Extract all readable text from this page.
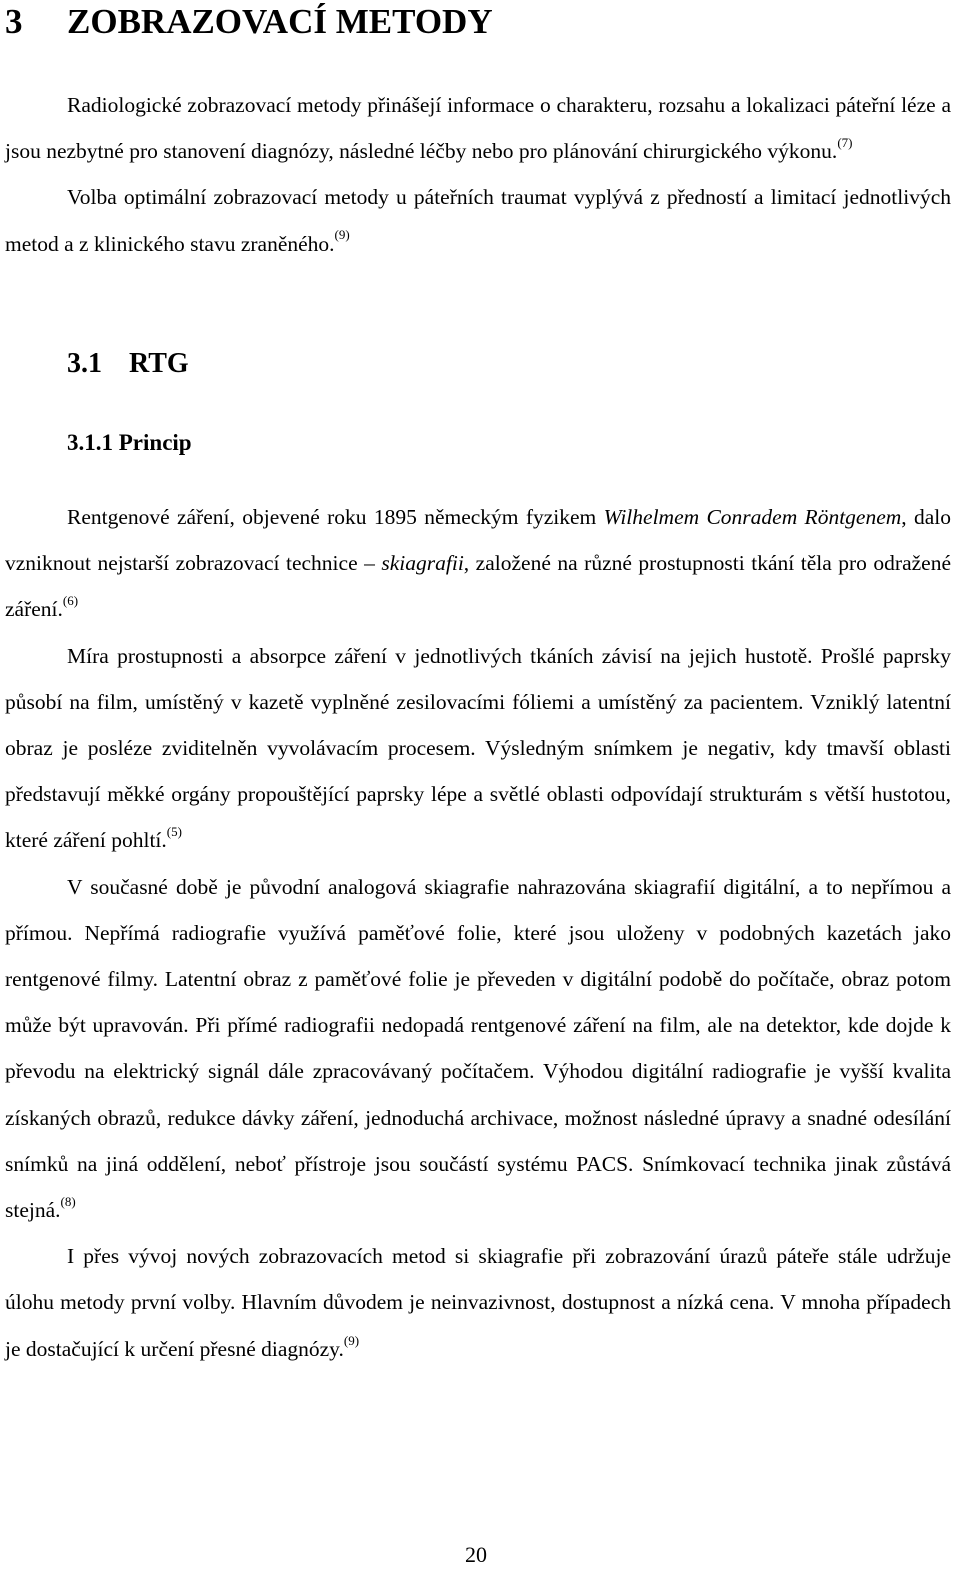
3 ZOBRAZOVACÍ METODY

Radiologické zobrazovací metody přinášejí informace o charakteru, rozsahu a lokalizaci páteřní léze a jsou nezbytné pro stanovení diagnózy, následné léčby nebo pro plánování chirurgického výkonu.$^{(7)}$

Volba optimální zobrazovací metody u páteřních traumat vyplývá z předností a limitací jednotlivých metod a z klinického stavu zraněného.$^{(9)}$

3.1 RTG
3.1.1 Princip

Rentgenové záření, objevené roku 1895 německým fyzikem Wilhelmem Conradem Röntgenem, dalo vzniknout nejstarší zobrazovací technice – skiagrafii, založené na různé prostupnosti tkání těla pro odražené záření.$^{(6)}$

Míra prostupnosti a absorpce záření v jednotlivých tkáních závisí na jejich hustotě. Prošlé paprsky působí na film, umístěný v kazetě vyplněné zesilovacími fóliemi a umístěný za pacientem. Vzniklý latentní obraz je posléze zviditelněn vyvolávacím procesem. Výsledným snímkem je negativ, kdy tmavší oblasti představují měkké orgány propouštějící paprsky lépe a světlé oblasti odpovídají strukturám s větší hustotou, které záření pohltí.$^{(5)}$

V současné době je původní analogová skiagrafie nahrazována skiagrafií digitální, a to nepřímou a přímou. Nepřímá radiografie využívá paměťové folie, které jsou uloženy v podobných kazetách jako rentgenové filmy. Latentní obraz z paměťové folie je převeden v digitální podobě do počítače, obraz potom může být upravován. Při přímé radiografii nedopadá rentgenové záření na film, ale na detektor, kde dojde k převodu na elektrický signál dále zpracovávaný počítačem. Výhodou digitální radiografie je vyšší kvalita získaných obrazů, redukce dávky záření, jednoduchá archivace, možnost následné úpravy a snadné odesílání snímků na jiná oddělení, neboť přístroje jsou součástí systému PACS. Snímkovací technika jinak zůstává stejná.$^{(8)}$

I přes vývoj nových zobrazovacích metod si skiagrafie při zobrazování úrazů páteře stále udržuje úlohu metody první volby. Hlavním důvodem je neinvazivnost, dostupnost a nízká cena. V mnoha případech je dostačující k určení přesné diagnózy.$^{(9)}$

20
